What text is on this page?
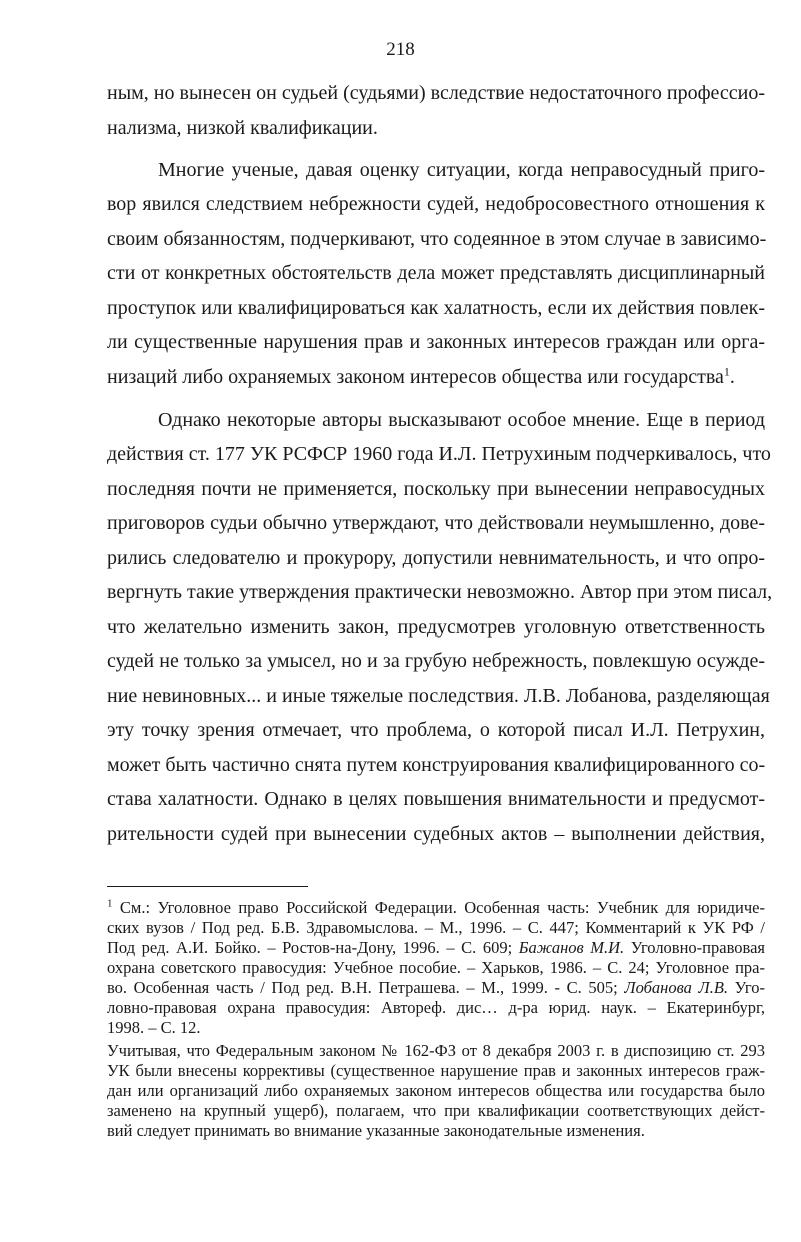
218
ным, но вынесен он судьей (судьями) вследствие недостаточного профессио-
нализма, низкой квалификации.
Многие ученые, давая оценку ситуации, когда неправосудный приго-
вор явился следствием небрежности судей, недобросовестного отношения к
своим обязанностям, подчеркивают, что содеянное в этом случае в зависимо-
сти от конкретных обстоятельств дела может представлять дисциплинарный
проступок или квалифицироваться как халатность, если их действия повлек-
ли существенные нарушения прав и законных интересов граждан или орга-
низаций либо охраняемых законом интересов общества или государства$^1$.
Однако некоторые авторы высказывают особое мнение. Еще в период
действия ст. 177 УК РСФСР 1960 года И.Л. Петрухиным подчеркивалось, что
последняя почти не применяется, поскольку при вынесении неправосудных
приговоров судьи обычно утверждают, что действовали неумышленно, дове-
рились следователю и прокурору, допустили невнимательность, и что опро-
вергнуть такие утверждения практически невозможно. Автор при этом писал,
что желательно изменить закон, предусмотрев уголовную ответственность
судей не только за умысел, но и за грубую небрежность, повлекшую осужде-
ние невиновных... и иные тяжелые последствия. Л.В. Лобанова, разделяющая
эту точку зрения отмечает, что проблема, о которой писал И.Л. Петрухин,
может быть частично снята путем конструирования квалифицированного со-
става халатности. Однако в целях повышения внимательности и предусмот-
рительности судей при вынесении судебных актов – выполнении действия,
$^1$ См.: Уголовное право Российской Федерации. Особенная часть: Учебник для юридиче-
ских вузов / Под ред. Б.В. Здравомыслова. – М., 1996. – С. 447; Комментарий к УК РФ /
Под ред. А.И. Бойко. – Ростов-на-Дону, 1996. – С. 609; Бажанов М.И. Уголовно-правовая
охрана советского правосудия: Учебное пособие. – Харьков, 1986. – С. 24; Уголовное пра-
во. Особенная часть / Под ред. В.Н. Петрашева. – М., 1999. - С. 505; Лобанова Л.В. Уго-
ловно-правовая охрана правосудия: Автореф. дис… д-ра юрид. наук. – Екатеринбург,
1998. – С. 12.
Учитывая, что Федеральным законом № 162-ФЗ от 8 декабря 2003 г. в диспозицию ст. 293
УК были внесены коррективы (существенное нарушение прав и законных интересов граж-
дан или организаций либо охраняемых законом интересов общества или государства было
заменено на крупный ущерб), полагаем, что при квалификации соответствующих дейст-
вий следует принимать во внимание указанные законодательные изменения.
